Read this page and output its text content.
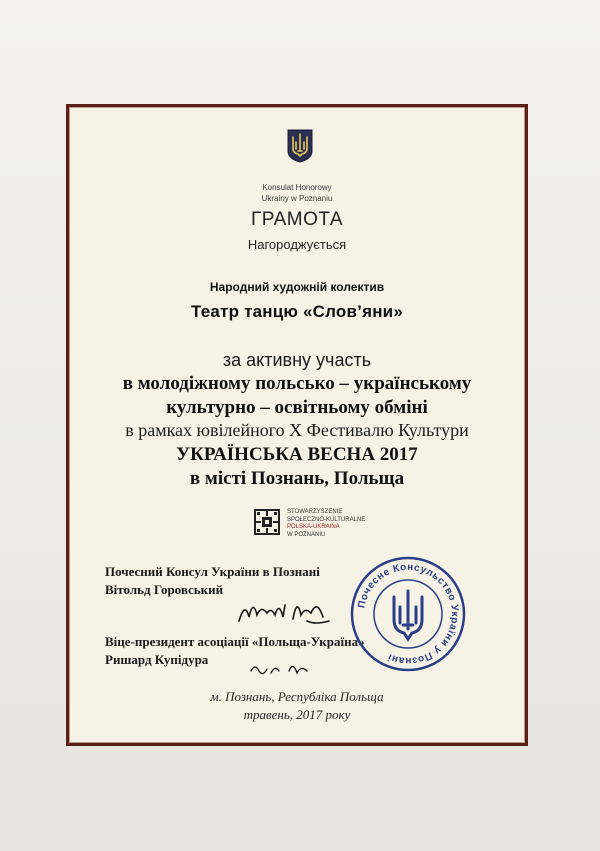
Konsulat Honorowy
Ukrainy w Poznaniu
ГРАМОТА
Нагороджується
Народний художній колектив
Театр танцю «Слов’яни»
за активну участь
в молодіжному польсько – українському
культурно – освітньому обміні
в рамках ювілейного Х Фестивалю Культури
УКРАЇНСЬКА ВЕСНА 2017
в місті Познань, Польща
STOWARZYSZENIE
SPOŁECZNO-KULTURALNE
POLSKA-UKRAINA
W POZNANIU
Почесний Консул України в Познані
Вітольд Горовський
Віце-президент асоціації «Польща-Україна»
Ришард Купідура
м. Познань, Республіка Польща
травень, 2017 року
Почесне Консульство України у Познані
